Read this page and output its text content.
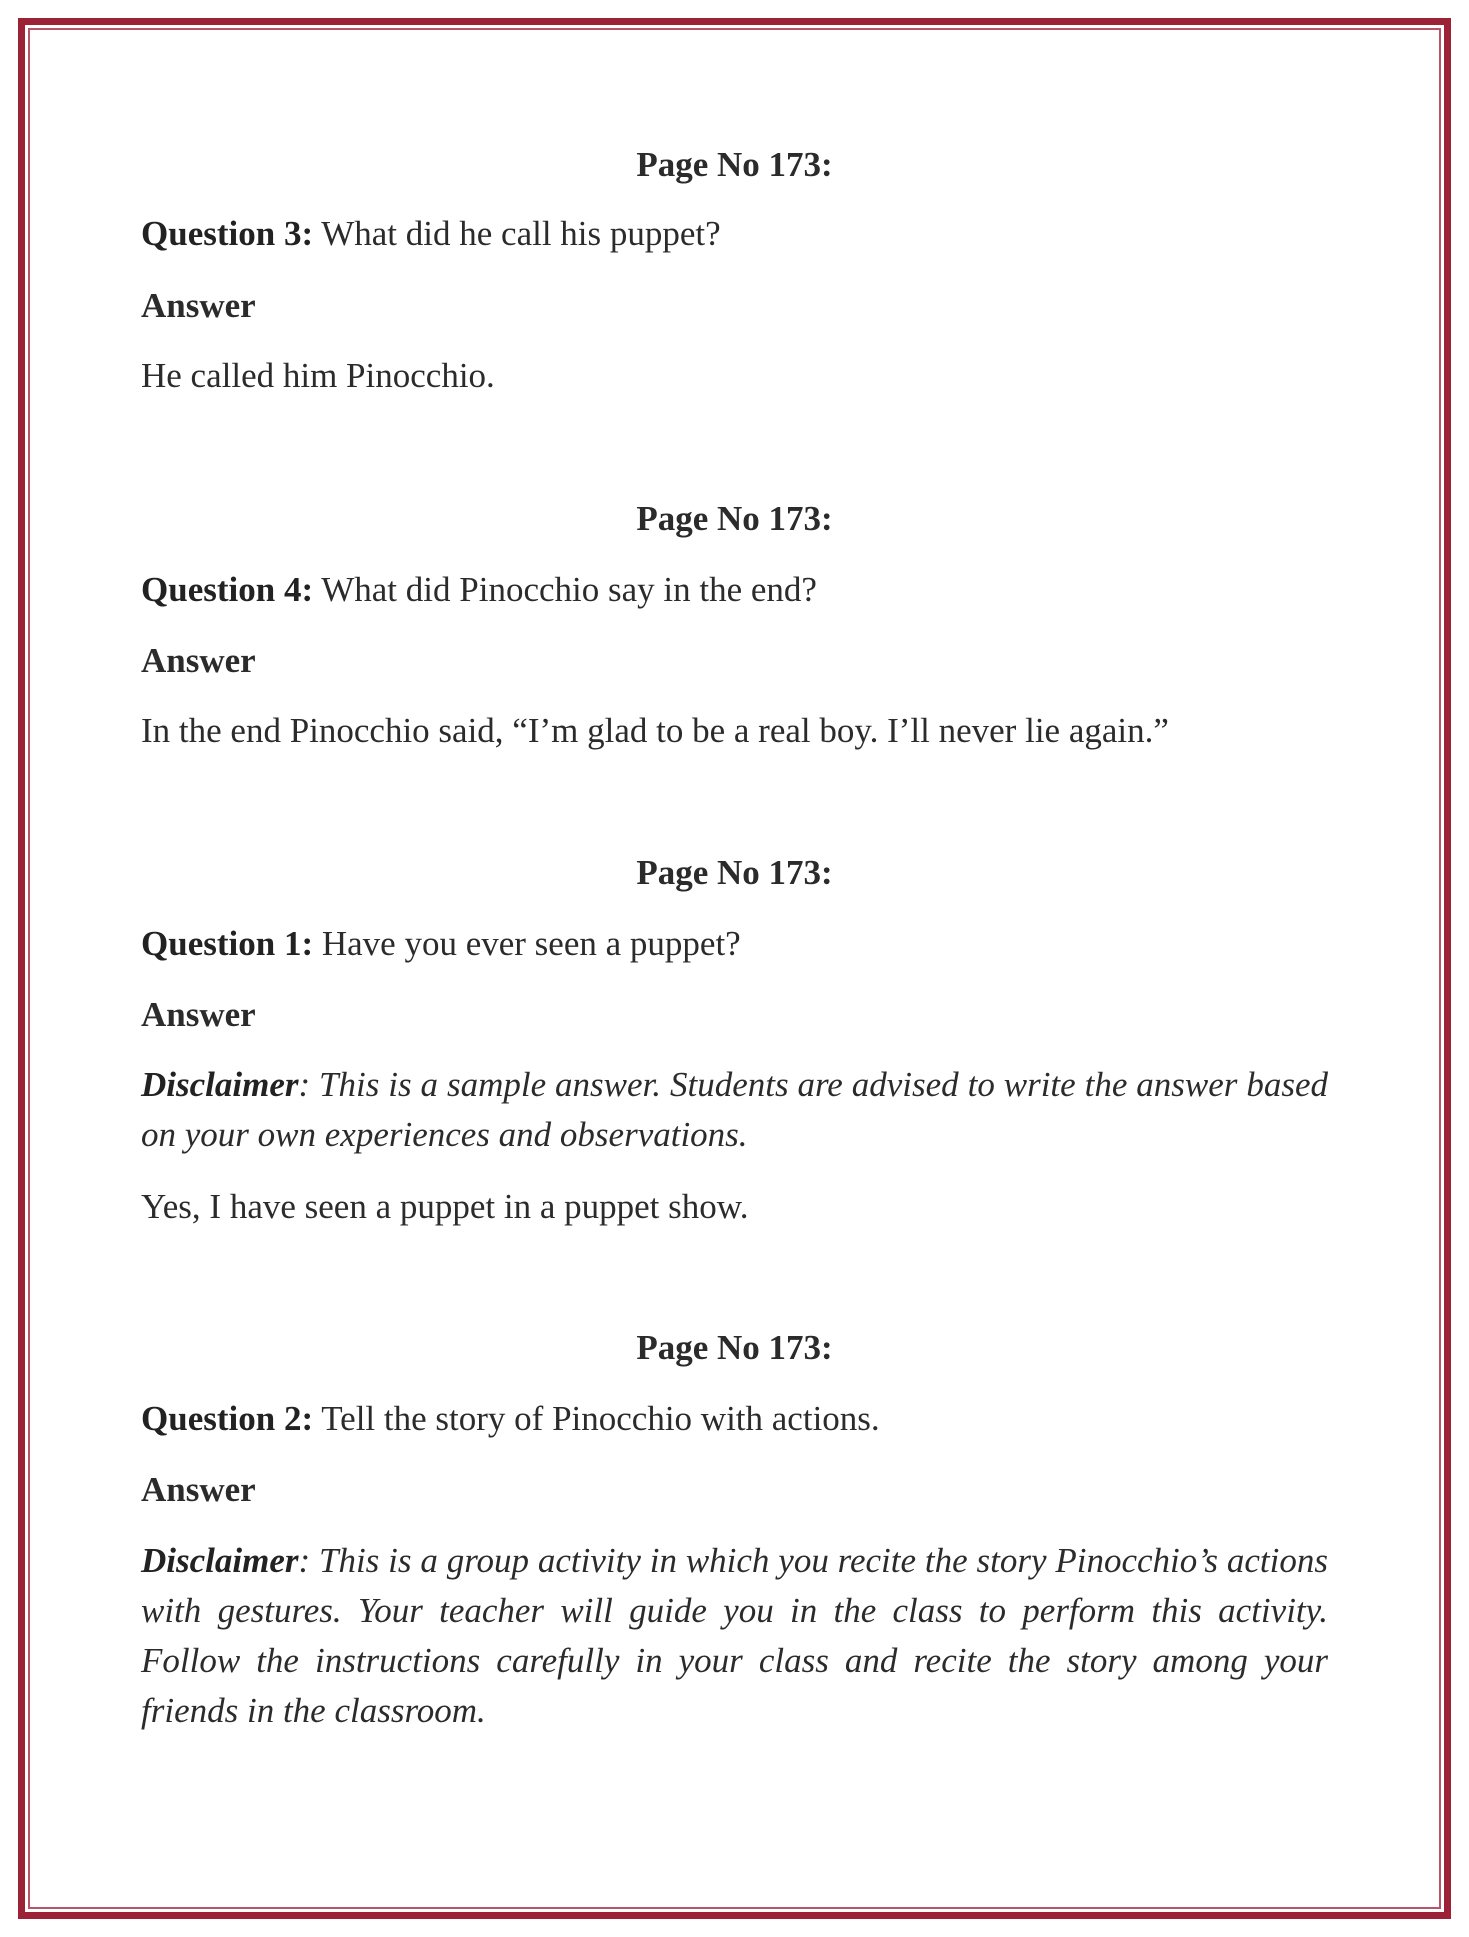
Page No 173:
Question 3: What did he call his puppet?
Answer
He called him Pinocchio.
Page No 173:
Question 4: What did Pinocchio say in the end?
Answer
In the end Pinocchio said, “I’m glad to be a real boy. I’ll never lie again.”
Page No 173:
Question 1: Have you ever seen a puppet?
Answer
Disclaimer: This is a sample answer. Students are advised to write the answer based on your own experiences and observations.
Yes, I have seen a puppet in a puppet show.
Page No 173:
Question 2: Tell the story of Pinocchio with actions.
Answer
Disclaimer: This is a group activity in which you recite the story Pinocchio’s actions with gestures. Your teacher will guide you in the class to perform this activity. Follow the instructions carefully in your class and recite the story among your friends in the classroom.
